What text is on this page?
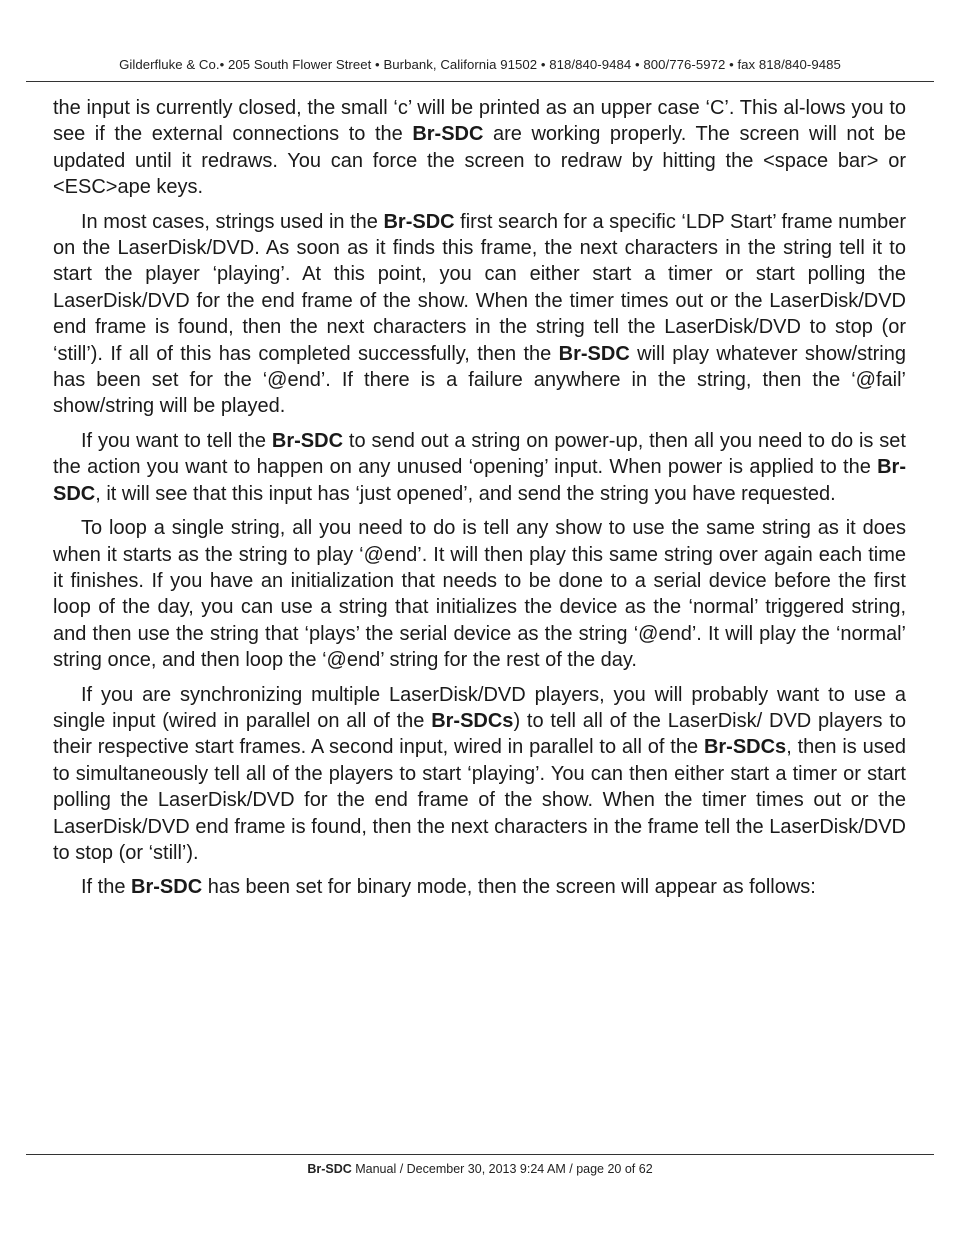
Gilderfluke & Co.• 205 South Flower Street • Burbank, California 91502 • 818/840-9484 • 800/776-5972 • fax 818/840-9485

the input is currently closed, the small ‘c’ will be printed as an upper case ‘C’. This al-lows you to see if the external connections to the Br-SDC are working properly. The screen will not be updated until it redraws. You can force the screen to redraw by hitting the <space bar> or <ESC>ape keys.

In most cases, strings used in the Br-SDC first search for a specific ‘LDP Start’ frame number on the LaserDisk/DVD. As soon as it finds this frame, the next characters in the string tell it to start the player ‘playing’. At this point, you can either start a timer or start polling the LaserDisk/DVD for the end frame of the show. When the timer times out or the LaserDisk/DVD end frame is found, then the next characters in the string tell the LaserDisk/DVD to stop (or ‘still’). If all of this has completed successfully, then the Br-SDC will play whatever show/string has been set for the ‘@end’. If there is a failure anywhere in the string, then the ‘@fail’ show/string will be played.

If you want to tell the Br-SDC to send out a string on power-up, then all you need to do is set the action you want to happen on any unused ‘opening’ input. When power is applied to the Br-SDC, it will see that this input has ‘just opened’, and send the string you have requested.

To loop a single string, all you need to do is tell any show to use the same string as it does when it starts as the string to play ‘@end’. It will then play this same string over again each time it finishes. If you have an initialization that needs to be done to a serial device before the first loop of the day, you can use a string that initializes the device as the ‘normal’ triggered string, and then use the string that ‘plays’ the serial device as the string ‘@end’. It will play the ‘normal’ string once, and then loop the ‘@end’ string for the rest of the day.

If you are synchronizing multiple LaserDisk/DVD players, you will probably want to use a single input (wired in parallel on all of the Br-SDCs) to tell all of the LaserDisk/ DVD players to their respective start frames. A second input, wired in parallel to all of the Br-SDCs, then is used to simultaneously tell all of the players to start ‘playing’. You can then either start a timer or start polling the LaserDisk/DVD for the end frame of the show. When the timer times out or the LaserDisk/DVD end frame is found, then the next characters in the frame tell the LaserDisk/DVD to stop (or ‘still’).

If the Br-SDC has been set for binary mode, then the screen will appear as follows:

Br-SDC Manual / December 30, 2013 9:24 AM / page 20 of 62
